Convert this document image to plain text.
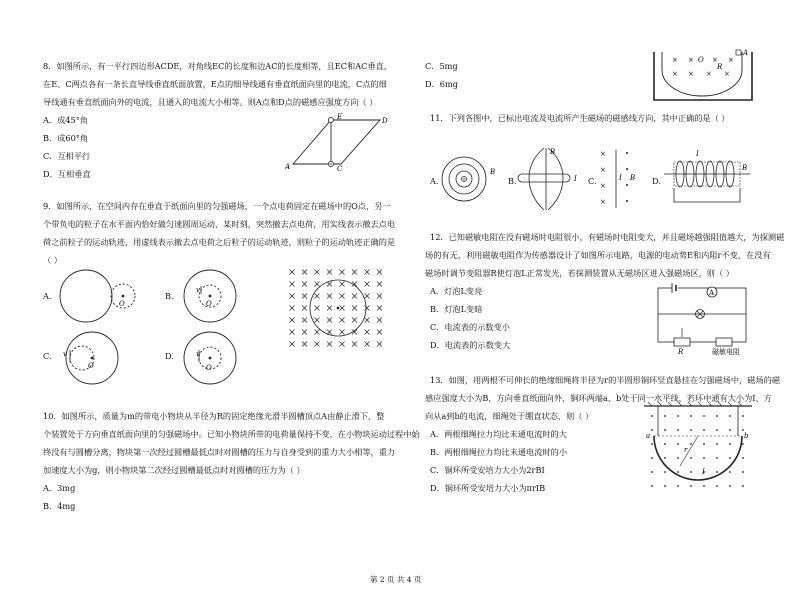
8．如图所示，有一平行四边形ACDE，对角线EC的长度和边AC的长度相等，且EC和AC垂直，
在E、C两点各有一条长直导线垂直纸面放置，E点的细导线通有垂直纸面向里的电流，C点的细
导线通有垂直纸面向外的电流，且通入的电流大小相等。则A点和D点的磁感应强度方向（ ）
A．成45°角
B．成60°角
C．互相平行
D．互相垂直
E	D
A	C
9．如图所示，在空间内存在垂直于纸面向里的匀强磁场，一个点电荷固定在磁场中的O点，另一
个带负电的粒子在水平面内恰好做匀速圆周运动，某时刻，突然撤去点电荷，用实线表示撤去点电
荷之前粒子的运动轨迹，用虚线表示撤去点电荷之后粒子的运动轨迹，则粒子的运动轨迹正确的是
（ ）
A.
O
B.
O
v
C.
O
v	D.
O
v
10．如图所示，质量为m的带电小物块从半径为R的固定绝缘光滑半圆槽顶点A由静止滑下，整
个装置处于方向垂直纸面向里的匀强磁场中。已知小物块所带的电荷量保持不变，在小物块运动过程中始
终没有与圆槽分离，物块第一次经过圆槽最低点时对圆槽的压力与自身受到的重力大小相等，重力
加速度大小为g，则小物块第二次经过圆槽最低点时对圆槽的压力为（ ）
A．3mg
B．4mg
C．5mg
D．6mg
× ×	× ×
× × × ×
O
R
A
11．下列各图中，已标出电流及电流所产生磁场的磁感线方向，其中正确的是（ ）
A.
B
B.
B
I C.
×
×
×
×
I B D.
I
B
12．已知磁敏电阻在没有磁场时电阻很小，有磁场时电阻变大，并且磁场越强阻值越大，为探测磁
场的有无，利用磁敏电阻作为传感器设计了如图所示电路，电源的电动势E和内阻r不变，在没有
磁场时调节变阻器R使灯泡L正常发光，若探测装置从无磁场区进入强磁场区，则（ ）
A．灯泡L变亮
B．灯泡L变暗
C．电流表的示数变小
D．电流表的示数变大
A
R	磁敏电阻
13．如图，用两根不可伸长的绝缘细绳将半径为r的半圆形铜环竖直悬挂在匀强磁场中，磁场的磁
感应强度大小为B，方向垂直纸面向外，铜环两端a、b处于同一水平线，若环中通有大小为I、方
向从a到b的电流，细绳处于绷直状态，则（ ）
A．两根细绳拉力均比未通电流时的大
B．两根细绳拉力均比未通电流时的小
C．铜环所受安培力大小为2rBI
D．铜环所受安培力大小为πrIB
a	b
r
I
第 2 页 共 4 页
